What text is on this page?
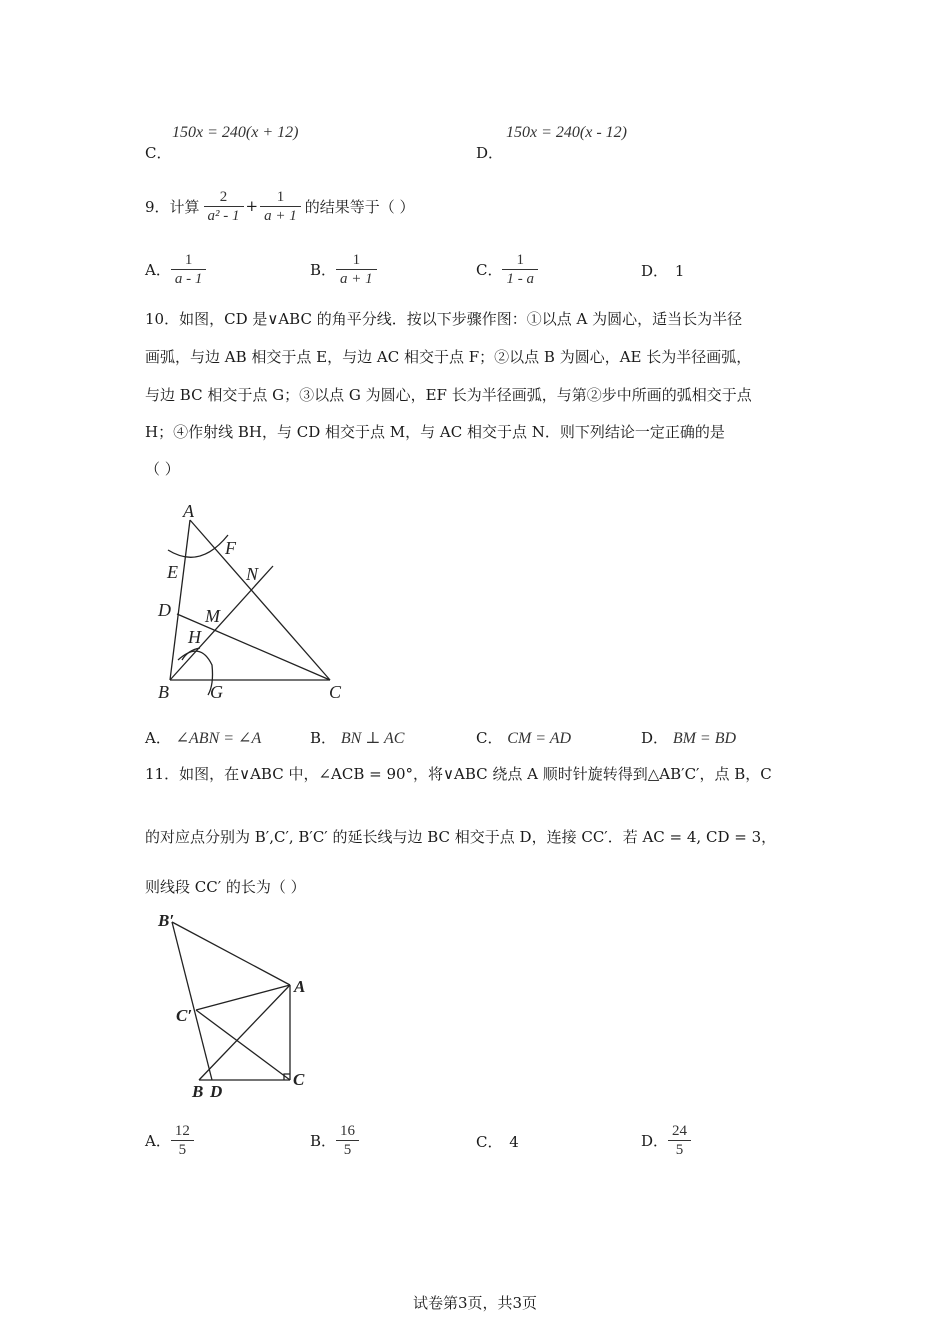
C．
150x = 240(x + 12)
D．
150x = 240(x - 12)
9．计算 $\frac{2}{\text{a² - 1}} + \frac{1}{a + 1}$ 的结果等于（ ）
A． $\frac{1}{a - 1}$	B． $\frac{1}{a + 1}$	C． $\frac{1}{1 - a}$	D． 1
10．如图，CD 是∨ABC 的角平分线．按以下步骤作图：①以点 A 为圆心，适当长为半径
画弧，与边 AB 相交于点 E，与边 AC 相交于点 F；②以点 B 为圆心，AE 长为半径画弧，
与边 BC 相交于点 G；③以点 G 为圆心，EF 长为半径画弧，与第②步中所画的弧相交于点
H；④作射线 BH，与 CD 相交于点 M，与 AC 相交于点 N．则下列结论一定正确的是
（ ）
A
F
E	N
D M
H
B G	C
A． ∠ABN = ∠A	B． BN ⊥ AC	C． CM = AD	D． BM = BD
11．如图，在∨ABC 中，∠ACB = 90°，将∨ABC 绕点 A 顺时针旋转得到△AB′C′，点 B，C
的对应点分别为 B′,C′, B′C′ 的延长线与边 BC 相交于点 D，连接 CC′．若 AC = 4, CD = 3，
则线段 CC′ 的长为（ ）
B′
A
C′
B D
C
A． $\frac{12}{5}$	B． $\frac{16}{5}$	C． 4	D． $\frac{24}{5}$
试卷第3页，共3页
